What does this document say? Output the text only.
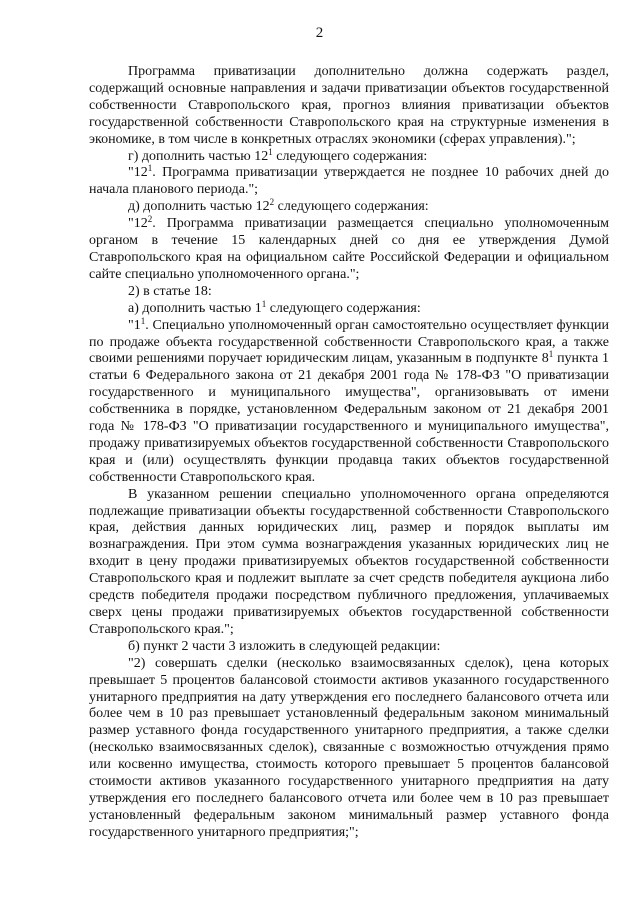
2

Программа приватизации дополнительно должна содержать раздел, содержащий основные направления и задачи приватизации объектов государственной собственности Ставропольского края, прогноз влияния приватизации объектов государственной собственности Ставропольского края на структурные изменения в экономике, в том числе в конкретных отраслях экономики (сферах управления).";

г) дополнить частью $12^1$ следующего содержания:

"$12^1$. Программа приватизации утверждается не позднее 10 рабочих дней до начала планового периода.";

д) дополнить частью $12^2$ следующего содержания:

"$12^2$. Программа приватизации размещается специально уполномоченным органом в течение 15 календарных дней со дня ее утверждения Думой Ставропольского края на официальном сайте Российской Федерации и официальном сайте специально уполномоченного органа.";

2) в статье 18:

а) дополнить частью $1^1$ следующего содержания:

"$1^1$. Специально уполномоченный орган самостоятельно осуществляет функции по продаже объекта государственной собственности Ставропольского края, а также своими решениями поручает юридическим лицам, указанным в подпункте $8^1$ пункта 1 статьи 6 Федерального закона от 21 декабря 2001 года № 178-ФЗ "О приватизации государственного и муниципального имущества", организовывать от имени собственника в порядке, установленном Федеральным законом от 21 декабря 2001 года № 178-ФЗ "О приватизации государственного и муниципального имущества", продажу приватизируемых объектов государственной собственности Ставропольского края и (или) осуществлять функции продавца таких объектов государственной собственности Ставропольского края.

В указанном решении специально уполномоченного органа определяются подлежащие приватизации объекты государственной собственности Ставропольского края, действия данных юридических лиц, размер и порядок выплаты им вознаграждения. При этом сумма вознаграждения указанных юридических лиц не входит в цену продажи приватизируемых объектов государственной собственности Ставропольского края и подлежит выплате за счет средств победителя аукциона либо средств победителя продажи посредством публичного предложения, уплачиваемых сверх цены продажи приватизируемых объектов государственной собственности Ставропольского края.";

б) пункт 2 части 3 изложить в следующей редакции:

"2) совершать сделки (несколько взаимосвязанных сделок), цена которых превышает 5 процентов балансовой стоимости активов указанного государственного унитарного предприятия на дату утверждения его последнего балансового отчета или более чем в 10 раз превышает установленный федеральным законом минимальный размер уставного фонда государственного унитарного предприятия, а также сделки (несколько взаимосвязанных сделок), связанные с возможностью отчуждения прямо или косвенно имущества, стоимость которого превышает 5 процентов балансовой стоимости активов указанного государственного унитарного предприятия на дату утверждения его последнего балансового отчета или более чем в 10 раз превышает установленный федеральным законом минимальный размер уставного фонда государственного унитарного предприятия;";
